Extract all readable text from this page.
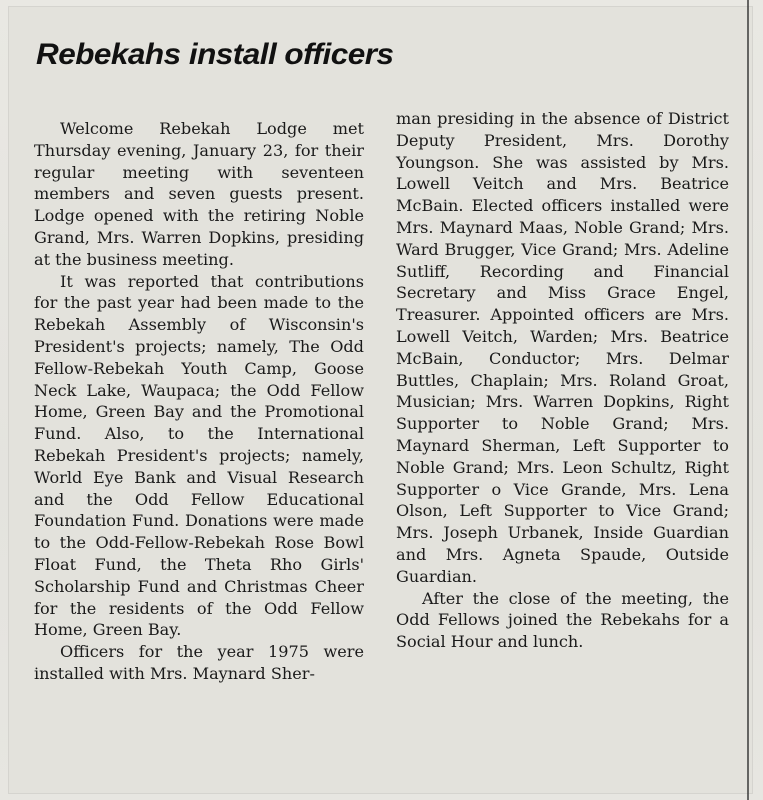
Rebekahs install officers

Welcome Rebekah Lodge met Thursday evening, January 23, for their regular meeting with seventeen members and seven guests present. Lodge opened with the retiring Noble Grand, Mrs. Warren Dopkins, presiding at the business meeting.

It was reported that contributions for the past year had been made to the Rebekah Assembly of Wisconsin's President's projects; namely, The Odd Fellow-Rebekah Youth Camp, Goose Neck Lake, Waupaca; the Odd Fellow Home, Green Bay and the Promotional Fund. Also, to the International Rebekah President's projects; namely, World Eye Bank and Visual Research and the Odd Fellow Educational Foundation Fund. Donations were made to the Odd-Fellow-Rebekah Rose Bowl Float Fund, the Theta Rho Girls' Scholarship Fund and Christmas Cheer for the residents of the Odd Fellow Home, Green Bay.

Officers for the year 1975 were installed with Mrs. Maynard Sher-

man presiding in the absence of District Deputy President, Mrs. Dorothy Youngson. She was assisted by Mrs. Lowell Veitch and Mrs. Beatrice McBain. Elected officers installed were Mrs. Maynard Maas, Noble Grand; Mrs. Ward Brugger, Vice Grand; Mrs. Adeline Sutliff, Recording and Financial Secretary and Miss Grace Engel, Treasurer. Appointed officers are Mrs. Lowell Veitch, Warden; Mrs. Beatrice McBain, Conductor; Mrs. Delmar Buttles, Chaplain; Mrs. Roland Groat, Musician; Mrs. Warren Dopkins, Right Supporter to Noble Grand; Mrs. Maynard Sherman, Left Supporter to Noble Grand; Mrs. Leon Schultz, Right Supporter o Vice Grande, Mrs. Lena Olson, Left Supporter to Vice Grand; Mrs. Joseph Urbanek, Inside Guardian and Mrs. Agneta Spaude, Outside Guardian.

After the close of the meeting, the Odd Fellows joined the Rebekahs for a Social Hour and lunch.
